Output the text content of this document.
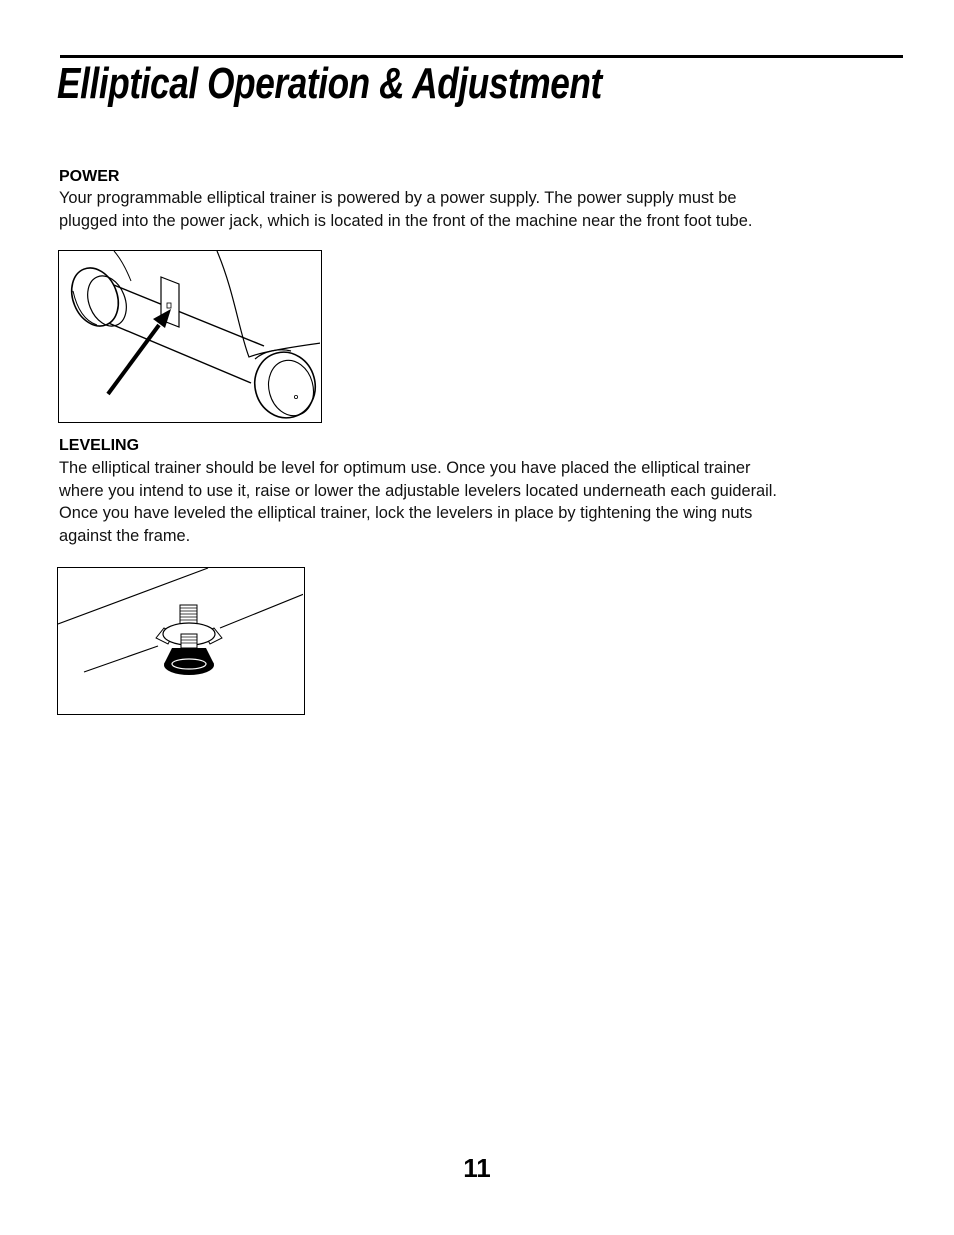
Elliptical Operation & Adjustment
POWER
Your programmable elliptical trainer is powered by a power supply. The power supply must be
plugged into the power jack, which is located in the front of the machine near the front foot tube.
LEVELING
The elliptical trainer should be level for optimum use. Once you have placed the elliptical trainer
where you intend to use it, raise or lower the adjustable levelers located underneath each guiderail.
Once you have leveled the elliptical trainer, lock the levelers in place by tightening the wing nuts
against the frame.
11
